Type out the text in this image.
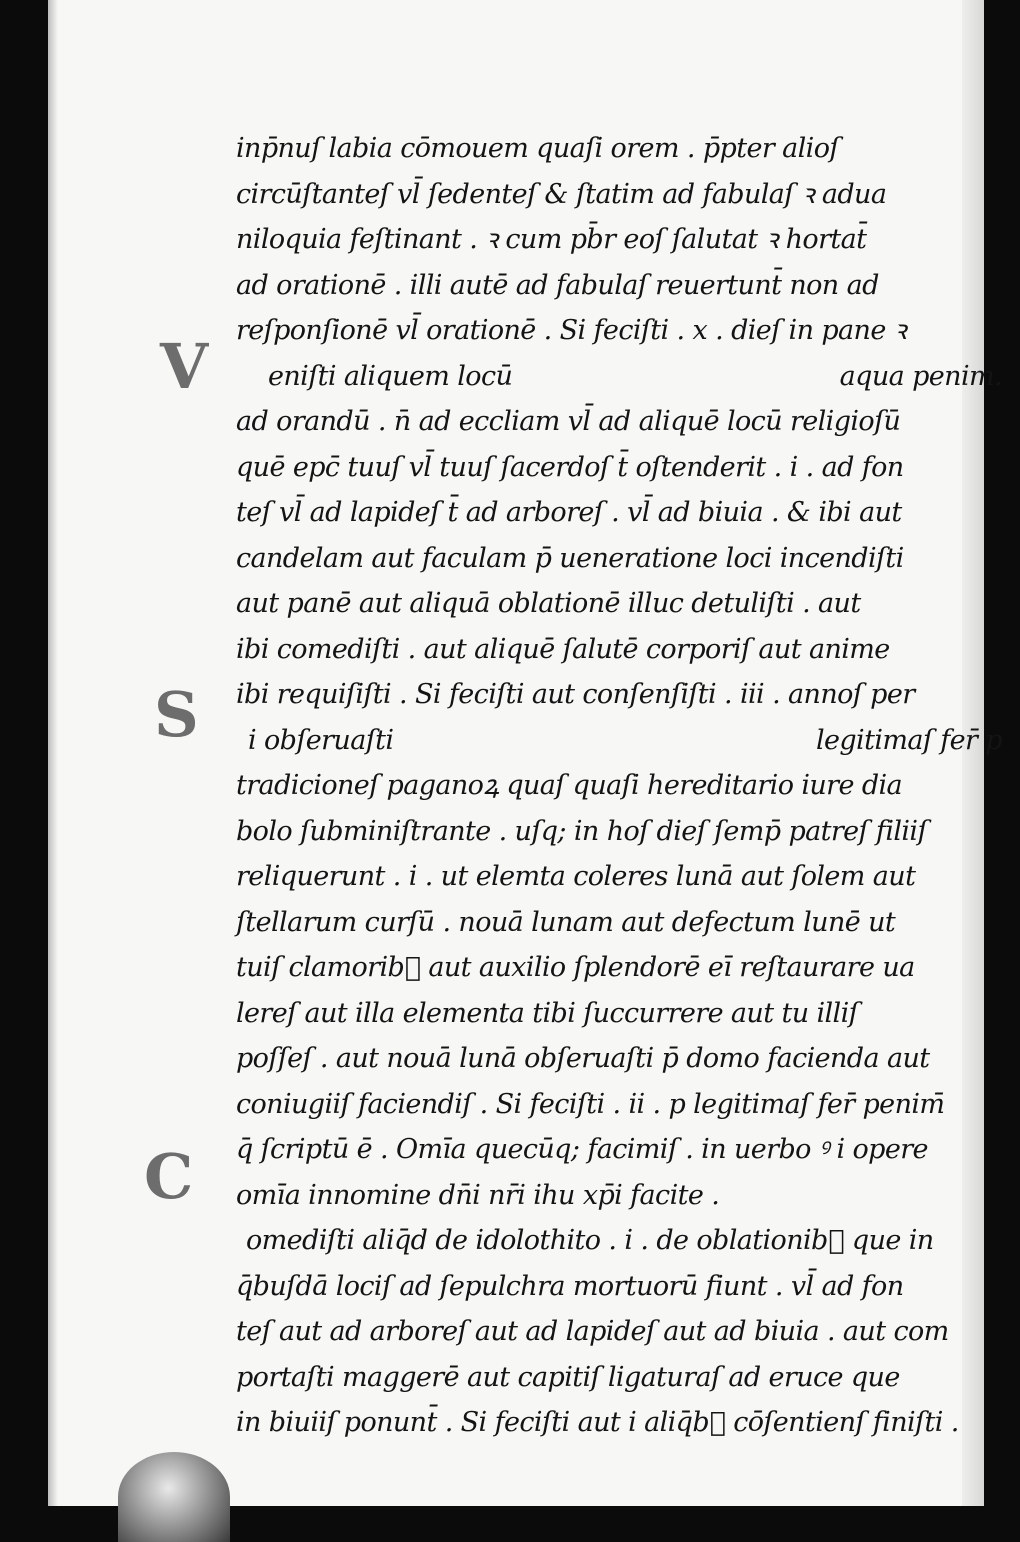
V
S
C
inp̄nuſ labia cōmouem quaſi orem . p̄pter alioſ
circūſtanteſ vl̄ ſedenteſ & ſtatim ad fabulaſ ꝛ adua
niloquia feſtinant . ꝛ cum pb̄r eoſ ſalutat ꝛ hortat̄
ad orationē . illi autē ad fabulaſ reuertunt̄ non ad
reſponſionē vl̄ orationē . Si feciſti . x . dieſ in pane ꝛ
eniſti aliquem locū	aqua peniт.
ad orandū . n̄ ad eccliam vl̄ ad aliquē locū religioſū
quē epc̄ tuuſ vl̄ tuuſ ſacerdoſ t̄ oſtenderit . i . ad fon
teſ vl̄ ad lapideſ t̄ ad arboreſ . vl̄ ad biuia . & ibi aut
candelam aut faculam p̄ ueneratione loci incendiſti
aut panē aut aliquā oblationē illuc detuliſti . aut
ibi comediſti . aut aliquē ſalutē corporiſ aut anime
ibi requiſiſti . Si feciſti aut conſenſiſti . iii . annoſ per
i obſeruaſti	legitimaſ fer̄ p
tradicioneſ paganoꝝ quaſ quaſi hereditario iure dia
bolo ſubminiſtrante . uſq; in hoſ dieſ ſemp̄ patreſ filiiſ
reliquerunt . i . ut elemta coleres lunā aut ſolem aut
ſtellarum curſū . nouā lunam aut defectum lunē ut
tuiſ clamorib᷒ aut auxilio ſplendorē eī reſtaurare ua
lereſ aut illa elementa tibi ſuccurrere aut tu illiſ
poſſeſ . aut nouā lunā obſeruaſti p̄ domo facienda aut
coniugiiſ faciendiſ . Si feciſti . ii . p legitimaſ fer̄ peniт̄
q̄ ſcriptū ē . Omīa quecūq; faciтiſ . in uerbo ꝰ i opere
omīa innomine dn̄i nr̄i ihu xp̄i facite .
omediſti aliq̄d de idolothito . i . de oblationib᷒ que in
q̄buſdā lociſ ad ſepulchra mortuorū fiunt . vl̄ ad fon
teſ aut ad arboreſ aut ad lapideſ aut ad biuia . aut com
portaſti maggerē aut capitiſ ligaturaſ ad eruce que
in biuiiſ ponunt̄ . Si feciſti aut i aliq̄b᷒ cōſentienſ finiſti .
